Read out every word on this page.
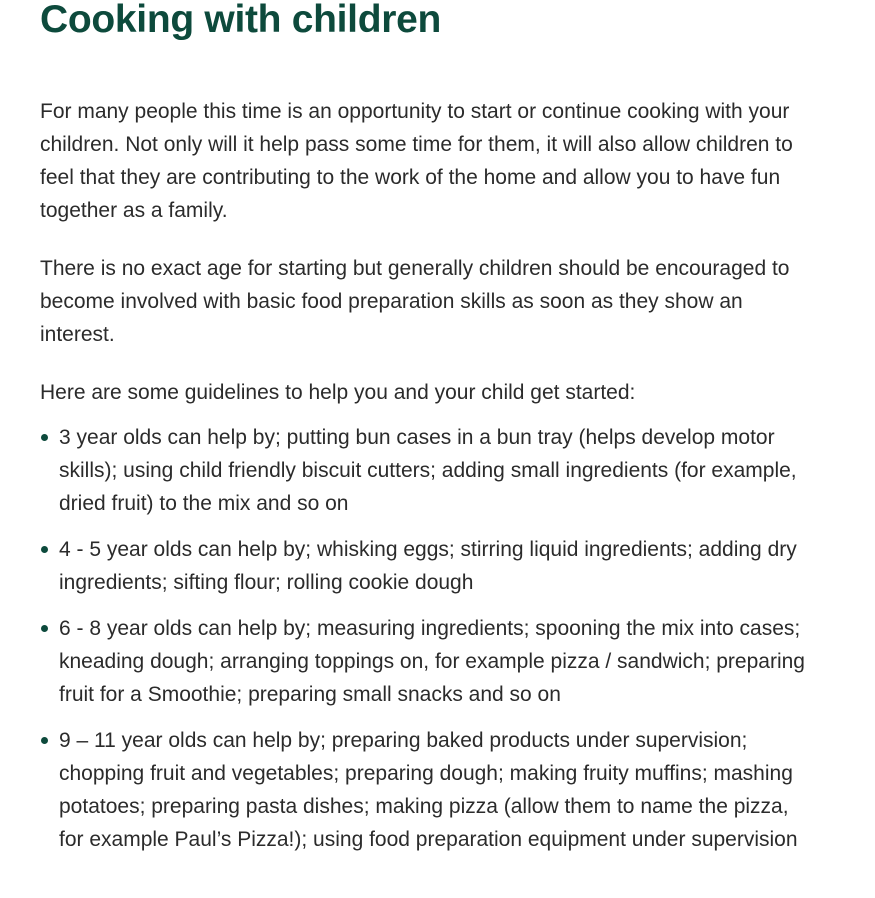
Cooking with children

For many people this time is an opportunity to start or continue cooking with your children. Not only will it help pass some time for them, it will also allow children to feel that they are contributing to the work of the home and allow you to have fun together as a family.

There is no exact age for starting but generally children should be encouraged to become involved with basic food preparation skills as soon as they show an interest.

Here are some guidelines to help you and your child get started:

3 year olds can help by; putting bun cases in a bun tray (helps develop motor skills); using child friendly biscuit cutters; adding small ingredients (for example, dried fruit) to the mix and so on
4 - 5 year olds can help by; whisking eggs; stirring liquid ingredients; adding dry ingredients; sifting flour; rolling cookie dough
6 - 8 year olds can help by; measuring ingredients; spooning the mix into cases; kneading dough; arranging toppings on, for example pizza / sandwich; preparing fruit for a Smoothie; preparing small snacks and so on
9 – 11 year olds can help by; preparing baked products under supervision; chopping fruit and vegetables; preparing dough; making fruity muffins; mashing potatoes; preparing pasta dishes; making pizza (allow them to name the pizza, for example Paul’s Pizza!); using food preparation equipment under supervision
